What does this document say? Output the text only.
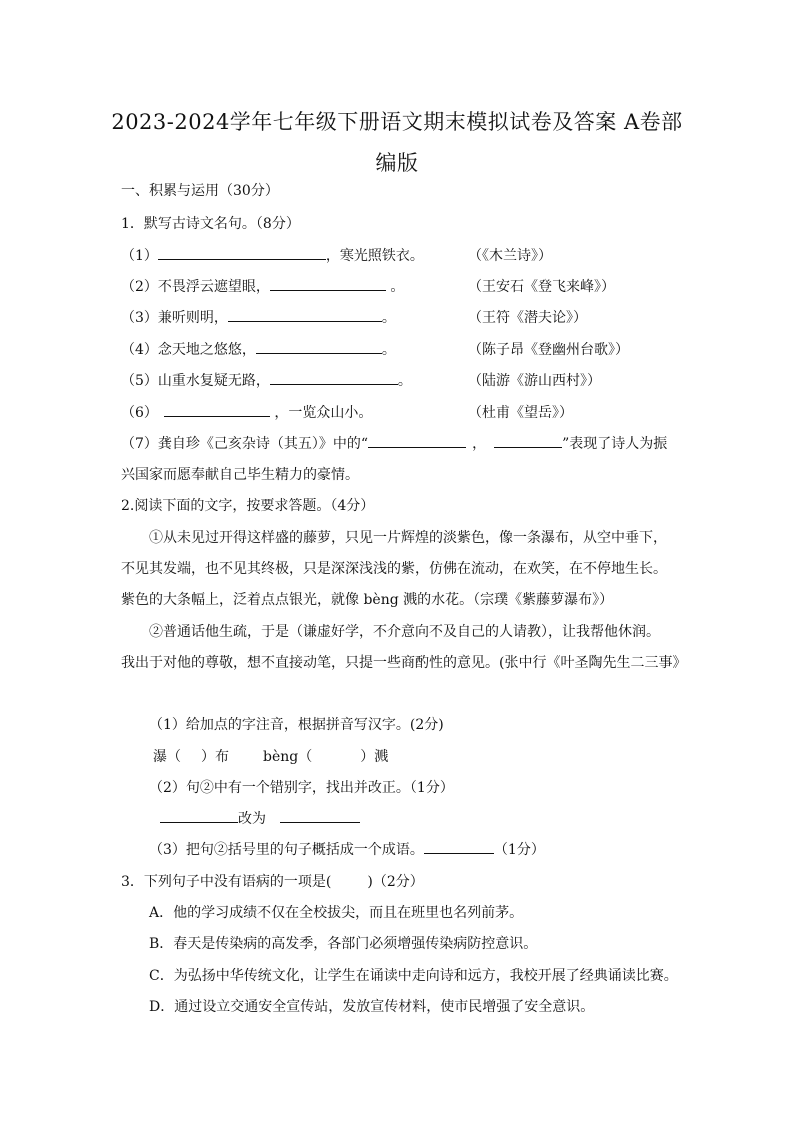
2023-2024学年七年级下册语文期末模拟试卷及答案 A卷部
编版
一、积累与运用（30分）
1．默写古诗文名句。（8分）
（1）	，寒光照铁衣。	（《木兰诗》）
（2）不畏浮云遮望眼，	。	（王安石《登飞来峰》）
（3）兼听则明，	。	（王符《潜夫论》）
（4）念天地之悠悠，	。	（陈子昂《登幽州台歌》）
（5）山重水复疑无路，	。	（陆游《游山西村》）
（6）	，一览众山小。	（杜甫《望岳》）
（7）龚自珍《己亥杂诗（其五）》中的“	，	”表现了诗人为振
兴国家而愿奉献自己毕生精力的豪情。
2.阅读下面的文字，按要求答题。（4分）
①从未见过开得这样盛的藤萝，只见一片辉煌的淡紫色，像一条瀑布，从空中垂下，
不见其发端，也不见其终极，只是深深浅浅的紫，仿佛在流动，在欢笑，在不停地生长。
紫色的大条幅上，泛着点点银光，就像 bèng 溅的水花。（宗璞《紫藤萝瀑布》）
②普通话他生疏，于是（谦虚好学，不介意向不及自己的人请教），让我帮他休润。
我出于对他的尊敬，想不直接动笔，只提一些商酌性的意见。(张中行《叶圣陶先生二三事》
（1）给加点的字注音，根据拼音写汉字。(2分)
瀑（ ）布 bèng（	）溅
（2）句②中有一个错别字，找出并改正。（1分）
改为
（3）把句②括号里的句子概括成一个成语。	（1分）
3．下列句子中没有语病的一项是(	)（2分）
A．他的学习成绩不仅在全校拔尖，而且在班里也名列前茅。
B．春天是传染病的高发季，各部门必须增强传染病防控意识。
C．为弘扬中华传统文化，让学生在诵读中走向诗和远方，我校开展了经典诵读比赛。
D．通过设立交通安全宣传站，发放宣传材料，使市民增强了安全意识。
